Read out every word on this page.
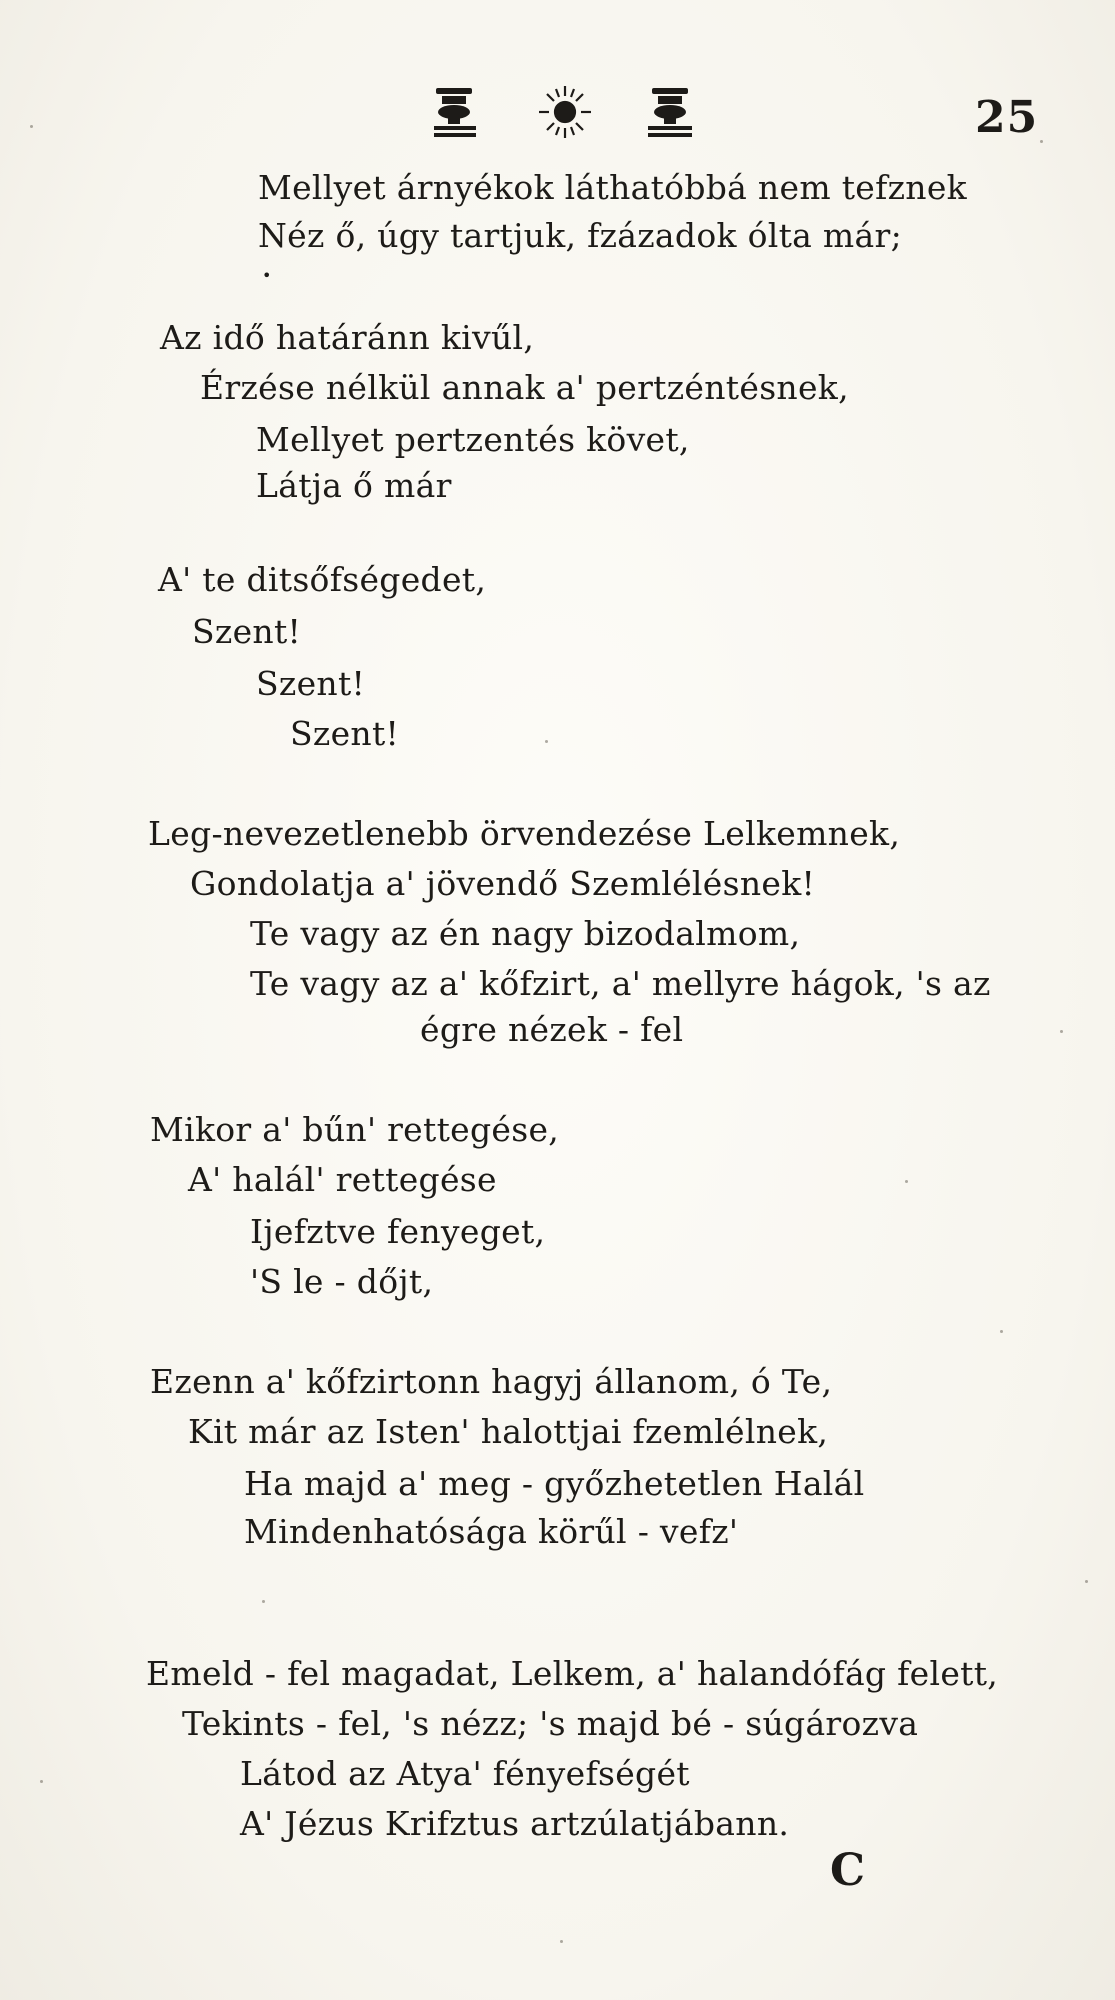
25
Mellyet árnyékok láthatóbbá nem tefznek
Néz ő, úgy tartjuk, fzázadok ólta már;
•
Az idő határánn kivűl,
Érzése nélkül annak a' pertzéntésnek,
Mellyet pertzentés követ,
Látja ő már
A' te ditsőfségedet,
Szent!
Szent!
Szent!
Leg-nevezetlenebb örvendezése Lelkemnek,
Gondolatja a' jövendő Szemlélésnek!
Te vagy az én nagy bizodalmom,
Te vagy az a' kőfzirt, a' mellyre hágok, 's az
égre nézek - fel
Mikor a' bűn' rettegése,
A' halál' rettegése
Ijefztve fenyeget,
'S le - dőjt,
Ezenn a' kőfzirtonn hagyj állanom, ó Te,
Kit már az Isten' halottjai fzemlélnek,
Ha majd a' meg - győzhetetlen Halál
Mindenhatósága körűl - vefz'
Emeld - fel magadat, Lelkem, a' halandófág felett,
Tekints - fel, 's nézz; 's majd bé - súgározva
Látod az Atya' fényefségét
A' Jézus Krifztus artzúlatjábann.
C
